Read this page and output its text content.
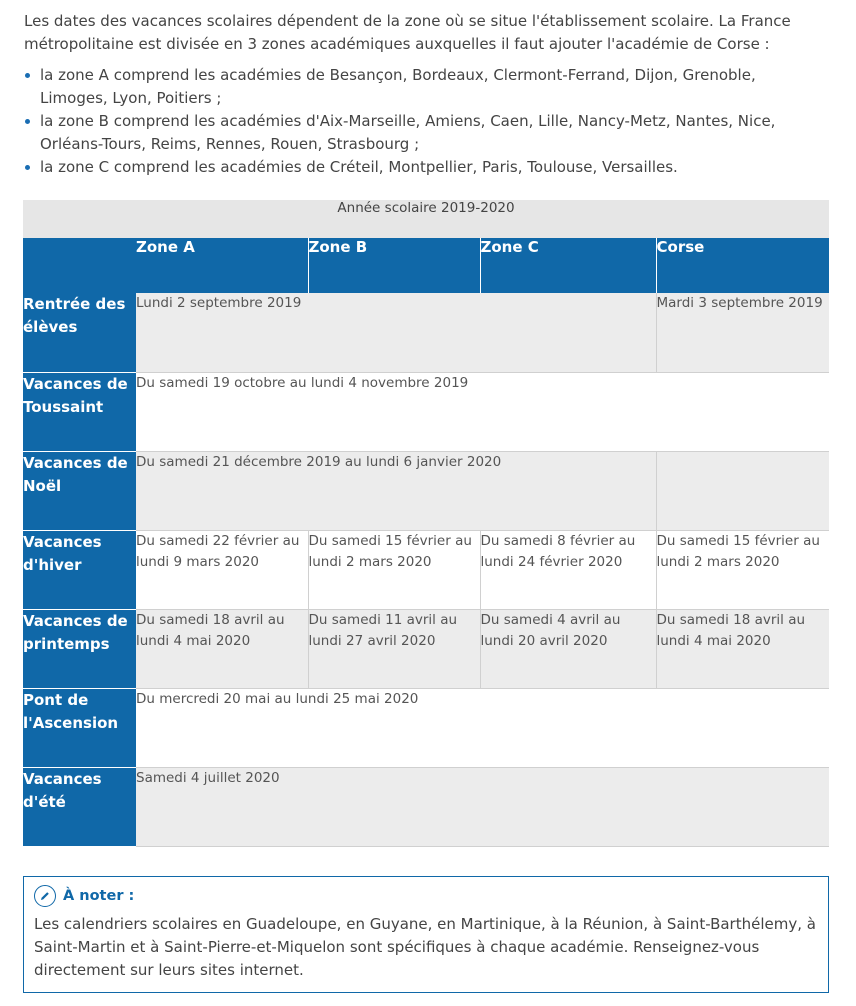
Les dates des vacances scolaires dépendent de la zone où se situe l'établissement scolaire. La France métropolitaine est divisée en 3 zones académiques auxquelles il faut ajouter l'académie de Corse :

la zone A comprend les académies de Besançon, Bordeaux, Clermont-Ferrand, Dijon, Grenoble, Limoges, Lyon, Poitiers ;
la zone B comprend les académies d'Aix-Marseille, Amiens, Caen, Lille, Nancy-Metz, Nantes, Nice, Orléans-Tours, Reims, Rennes, Rouen, Strasbourg ;
la zone C comprend les académies de Créteil, Montpellier, Paris, Toulouse, Versailles.
Année scolaire 2019-2020				
	Zone A	Zone B	Zone C	Corse
Rentrée des élèves	Lundi 2 septembre 2019			Mardi 3 septembre 2019
Vacances de Toussaint	Du samedi 19 octobre au lundi 4 novembre 2019			
Vacances de Noël	Du samedi 21 décembre 2019 au lundi 6 janvier 2020			
Vacances d'hiver	Du samedi 22 février au lundi 9 mars 2020	Du samedi 15 février au lundi 2 mars 2020	Du samedi 8 février au lundi 24 février 2020	Du samedi 15 février au lundi 2 mars 2020
Vacances de printemps	Du samedi 18 avril au lundi 4 mai 2020	Du samedi 11 avril au lundi 27 avril 2020	Du samedi 4 avril au lundi 20 avril 2020	Du samedi 18 avril au lundi 4 mai 2020
Pont de l'Ascension	Du mercredi 20 mai au lundi 25 mai 2020			
Vacances d'été	Samedi 4 juillet 2020			
À noter :
Les calendriers scolaires en Guadeloupe, en Guyane, en Martinique, à la Réunion, à Saint-Barthélemy, à Saint-Martin et à Saint-Pierre-et-Miquelon sont spécifiques à chaque académie. Renseignez-vous directement sur leurs sites internet.
